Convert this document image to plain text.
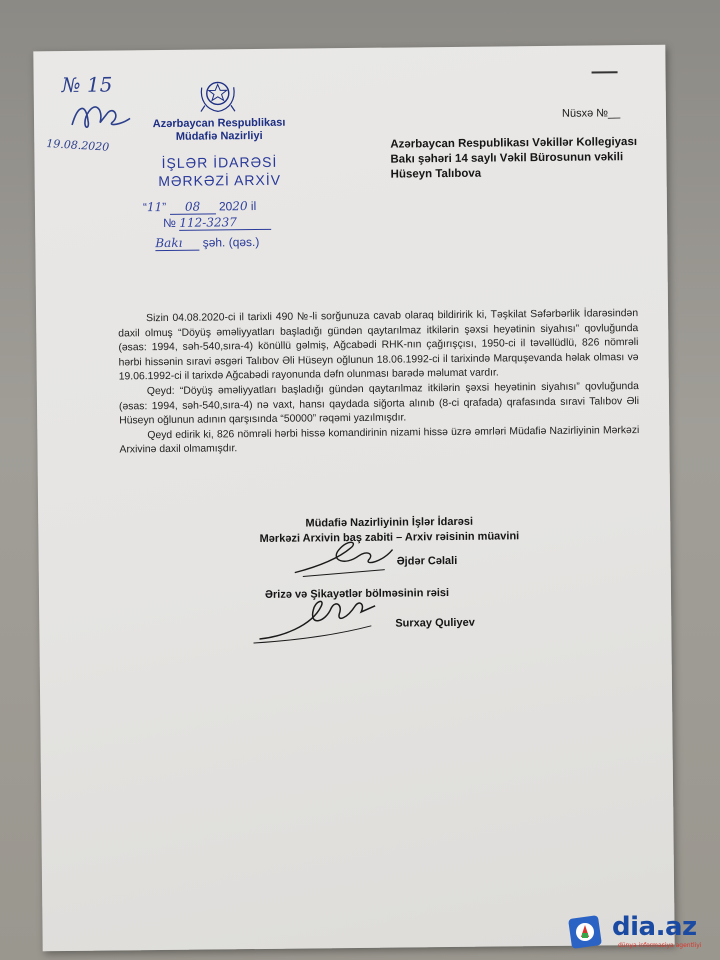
№ 15
19.08.2020
Azərbaycan Respublikası
Müdafiə Nazirliyi
İŞLƏR İDARƏSİ
MƏRKƏZİ ARXİV
“11” 08 2020 il
№ 112-3237
Bakı şəh. (qəs.)
Nüsxə №__
Azərbaycan Respublikası Vəkillər Kollegiyası Bakı şəhəri 14 saylı Vəkil Bürosunun vəkili Hüseyn Talıbova

Sizin 04.08.2020-ci il tarixli 490 №-li sorğunuza cavab olaraq bildiririk ki, Təşkilat Səfərbərlik İdarəsindən daxil olmuş “Döyüş əməliyyatları başladığı gündən qaytarılmaz itkilərin şəxsi heyətinin siyahısı” qovluğunda (əsas: 1994, səh-540,sıra-4) könüllü gəlmiş, Ağcabədi RHK-nın çağırışçısı, 1950-ci il təvəllüdlü, 826 nömrəli hərbi hissənin sıravi əsgəri Talıbov Əli Hüseyn oğlunun 18.06.1992-ci il tarixində Marquşevanda həlak olması və 19.06.1992-ci il tarixdə Ağcabədi rayonunda dəfn olunması barədə məlumat vardır.

Qeyd: “Döyüş əməliyyatları başladığı gündən qaytarılmaz itkilərin şəxsi heyətinin siyahısı” qovluğunda (əsas: 1994, səh-540,sıra-4) nə vaxt, hansı qaydada siğorta alınıb (8-ci qrafada) qrafasında sıravi Talıbov Əli Hüseyn oğlunun adının qarşısında “50000” rəqəmi yazılmışdır.

Qeyd edirik ki, 826 nömrəli hərbi hissə komandirinin nizami hissə üzrə əmrləri Müdafiə Nazirliyinin Mərkəzi Arxivinə daxil olmamışdır.

Müdafiə Nazirliyinin İşlər İdarəsi
Mərkəzi Arxivin baş zabiti – Arxiv rəisinin müavini
Əjdər Cəlali
Ərizə və Şikayətlər bölməsinin rəisi
Surxay Quliyev
dia.az
dünya informasiya agentliyi
